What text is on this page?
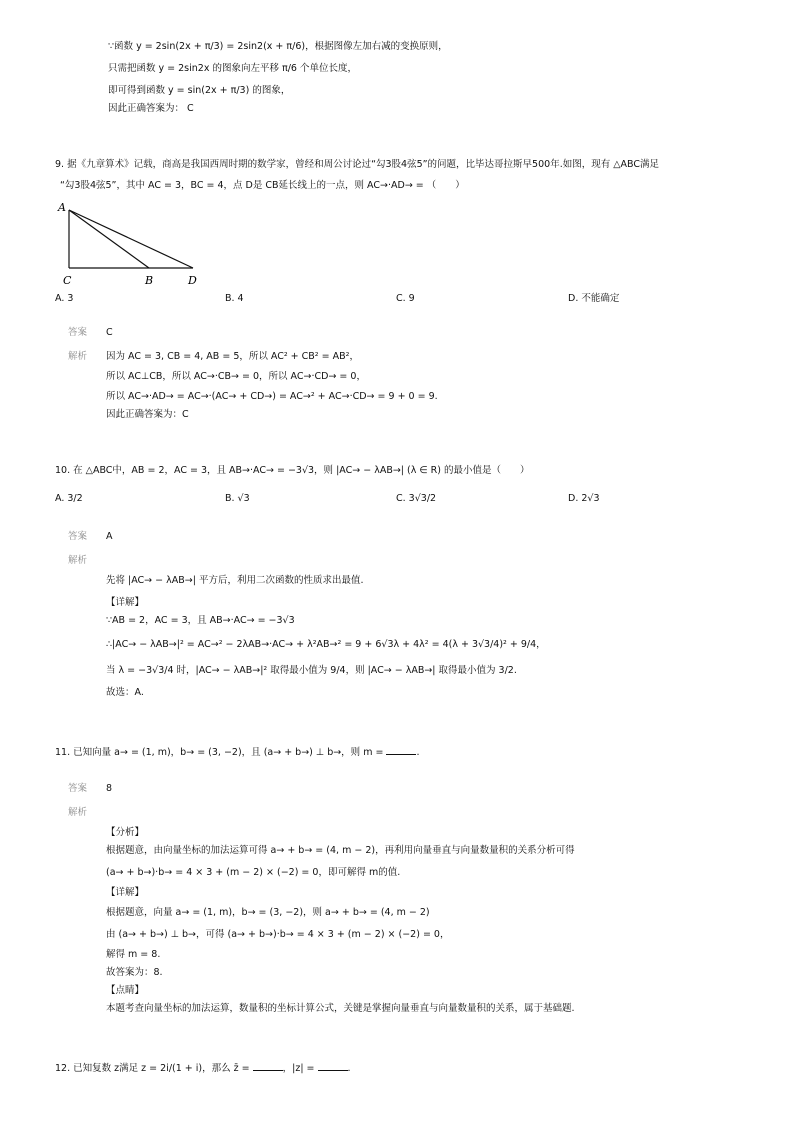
∵函数 y = 2sin(2x + π/3) = 2sin2(x + π/6)，根据图像左加右减的变换原则，
只需把函数 y = 2sin2x 的图象向左平移 π/6 个单位长度，
即可得到函数 y = sin(2x + π/3) 的图象，
因此正确答案为： C
9. 据《九章算术》记载，商高是我国西周时期的数学家，曾经和周公讨论过“勾3股4弦5”的问题，比毕达哥拉斯早500年.如图，现有 △ABC满足
“勾3股4弦5”，其中 AC = 3，BC = 4，点 D是 CB延长线上的一点，则 AC→·AD→ = （　　）
A
C	B	D
A. 3	B. 4	C. 9	D. 不能确定
答案 C
解析 因为 AC = 3, CB = 4, AB = 5，所以 AC² + CB² = AB²，
所以 AC⊥CB，所以 AC→·CB→ = 0，所以 AC→·CD→ = 0，
所以 AC→·AD→ = AC→·(AC→ + CD→) = AC→² + AC→·CD→ = 9 + 0 = 9.
因此正确答案为：C
10. 在 △ABC中，AB = 2，AC = 3，且 AB→·AC→ = −3√3，则 |AC→ − λAB→| (λ ∈ R) 的最小值是（　　）
A. 3/2	B. √3	C. 3√3/2	D. 2√3
答案 A
解析
先将 |AC→ − λAB→| 平方后，利用二次函数的性质求出最值.
【详解】
∵AB = 2，AC = 3，且 AB→·AC→ = −3√3
∴|AC→ − λAB→|² = AC→² − 2λAB→·AC→ + λ²AB→² = 9 + 6√3λ + 4λ² = 4(λ + 3√3/4)² + 9/4，
当 λ = −3√3/4 时，|AC→ − λAB→|² 取得最小值为 9/4，则 |AC→ − λAB→| 取得最小值为 3/2.
故选：A.
11. 已知向量 a→ = (1, m)，b→ = (3, −2)，且 (a→ + b→) ⊥ b→，则 m =	.
答案 8
解析
【分析】
根据题意，由向量坐标的加法运算可得 a→ + b→ = (4, m − 2)，再利用向量垂直与向量数量积的关系分析可得
(a→ + b→)·b→ = 4 × 3 + (m − 2) × (−2) = 0，即可解得 m的值.
【详解】
根据题意，向量 a→ = (1, m)，b→ = (3, −2)，则 a→ + b→ = (4, m − 2)
由 (a→ + b→) ⊥ b→，可得 (a→ + b→)·b→ = 4 × 3 + (m − 2) × (−2) = 0，
解得 m = 8.
故答案为：8.
【点睛】
本题考查向量坐标的加法运算，数量积的坐标计算公式，关键是掌握向量垂直与向量数量积的关系，属于基础题.
12. 已知复数 z满足 z = 2i/(1 + i)，那么 z̄ =	，|z| =	.
